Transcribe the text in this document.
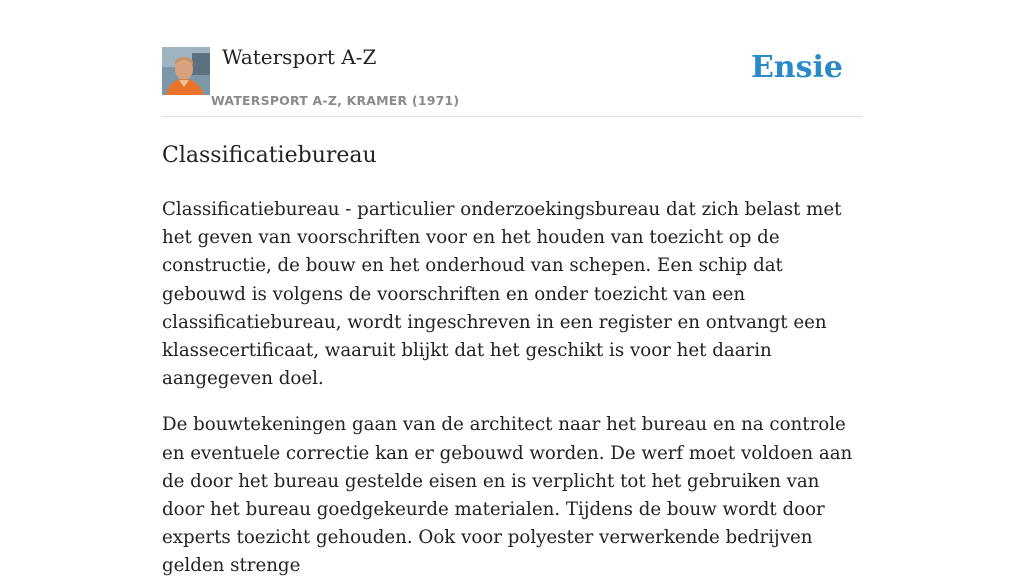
Watersport A-Z
WATERSPORT A-Z, KRAMER (1971)
Ensie
Classificatiebureau

Classificatiebureau - particulier onderzoekingsbureau dat zich belast met het geven van voorschriften voor en het houden van toezicht op de constructie, de bouw en het onderhoud van schepen. Een schip dat gebouwd is volgens de voorschriften en onder toezicht van een classificatiebureau, wordt ingeschreven in een register en ontvangt een klassecertificaat, waaruit blijkt dat het geschikt is voor het daarin aangegeven doel.

De bouwtekeningen gaan van de architect naar het bureau en na controle en eventuele correctie kan er gebouwd worden. De werf moet voldoen aan de door het bureau gestelde eisen en is verplicht tot het gebruiken van door het bureau goedgekeurde materialen. Tijdens de bouw wordt door experts toezicht gehouden. Ook voor polyester verwerkende bedrijven gelden strenge
